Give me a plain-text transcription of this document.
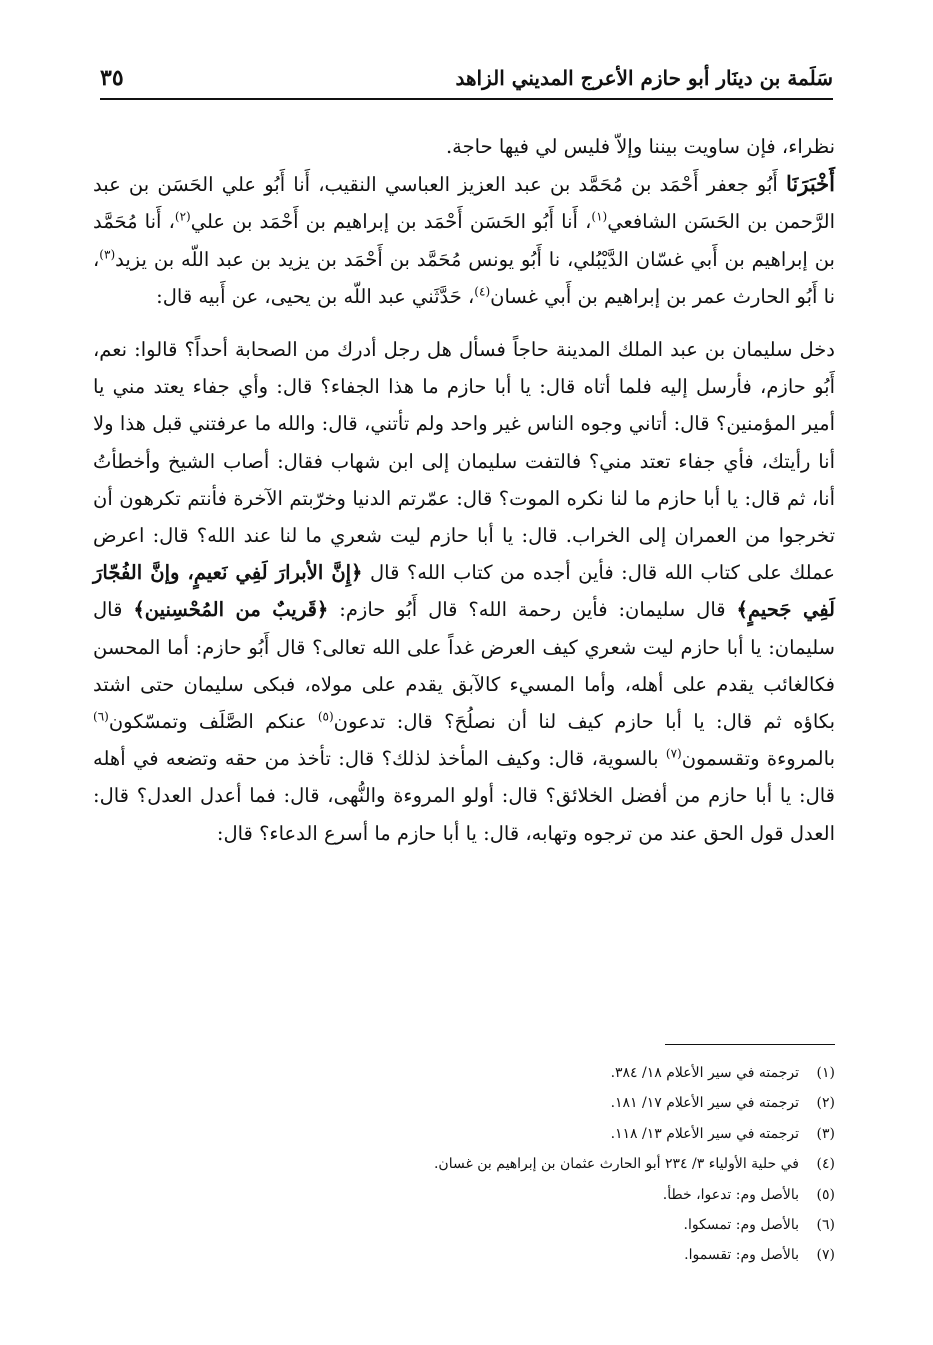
سَلَمة بن دينَار أبو حازم الأعرج المديني الزاهد
٣٥

نظراء، فإن ساويت بيننا وإلاّ فليس لي فيها حاجة.

أَخْبَرَنَا أَبُو جعفر أَحْمَد بن مُحَمَّد بن عبد العزيز العباسي النقيب، أَنا أَبُو علي الحَسَن بن عبد الرَّحمن بن الحَسَن الشافعي$^{(١)}$، أَنا أَبُو الحَسَن أَحْمَد بن إبراهيم بن أَحْمَد بن علي$^{(٢)}$، أَنا مُحَمَّد بن إبراهيم بن أَبي غسّان الدَّيْبُلي، نا أَبُو يونس مُحَمَّد بن أَحْمَد بن يزيد بن عبد اللّه بن يزيد$^{(٣)}$، نا أَبُو الحارث عمر بن إبراهيم بن أَبي غسان$^{(٤)}$، حَدَّثَني عبد اللّه بن يحيى، عن أَبيه قال:

دخل سليمان بن عبد الملك المدينة حاجاً فسأل هل رجل أدرك من الصحابة أحداً؟ قالوا: نعم، أَبُو حازم، فأرسل إليه فلما أتاه قال: يا أبا حازم ما هذا الجفاء؟ قال: وأي جفاء يعتد مني يا أمير المؤمنين؟ قال: أتاني وجوه الناس غير واحد ولم تأتني، قال: والله ما عرفتني قبل هذا ولا أنا رأيتك، فأي جفاء تعتد مني؟ فالتفت سليمان إلى ابن شهاب فقال: أصاب الشيخ وأخطأتُ أنا، ثم قال: يا أبا حازم ما لنا نكره الموت؟ قال: عمّرتم الدنيا وخرّبتم الآخرة فأنتم تكرهون أن تخرجوا من العمران إلى الخراب. قال: يا أبا حازم ليت شعري ما لنا عند الله؟ قال: اعرض عملك على كتاب الله قال: فأين أجده من كتاب الله؟ قال ﴿إِنَّ الأبرارَ لَفِي نَعيمٍ، وإنَّ الفُجّارَ لَفِي جَحيمٍ﴾ قال سليمان: فأين رحمة الله؟ قال أَبُو حازم: ﴿قَريبٌ من المُحْسِنين﴾ قال سليمان: يا أبا حازم ليت شعري كيف العرض غداً على الله تعالى؟ قال أَبُو حازم: أما المحسن فكالغائب يقدم على أهله، وأما المسيء كالآبق يقدم على مولاه، فبكى سليمان حتى اشتد بكاؤه ثم قال: يا أبا حازم كيف لنا أن نصلُحَ؟ قال: تدعون$^{(٥)}$ عنكم الصَّلَف وتمسّكون$^{(٦)}$ بالمروءة وتقسمون$^{(٧)}$ بالسوية، قال: وكيف المأخذ لذلك؟ قال: تأخذ من حقه وتضعه في أهله قال: يا أبا حازم من أفضل الخلائق؟ قال: أولو المروءة والنُّهى، قال: فما أعدل العدل؟ قال: العدل قول الحق عند من ترجوه وتهابه، قال: يا أبا حازم ما أسرع الدعاء؟ قال:

(١)
ترجمته في سير الأعلام ١٨/ ٣٨٤.
(٢)
ترجمته في سير الأعلام ١٧/ ١٨١.
(٣)
ترجمته في سير الأعلام ١٣/ ١١٨.
(٤)
في حلية الأولياء ٣/ ٢٣٤ أبو الحارث عثمان بن إبراهيم بن غسان.
(٥)
بالأصل وم: تدعوا، خطأ.
(٦)
بالأصل وم: تمسكوا.
(٧)
بالأصل وم: تقسموا.
